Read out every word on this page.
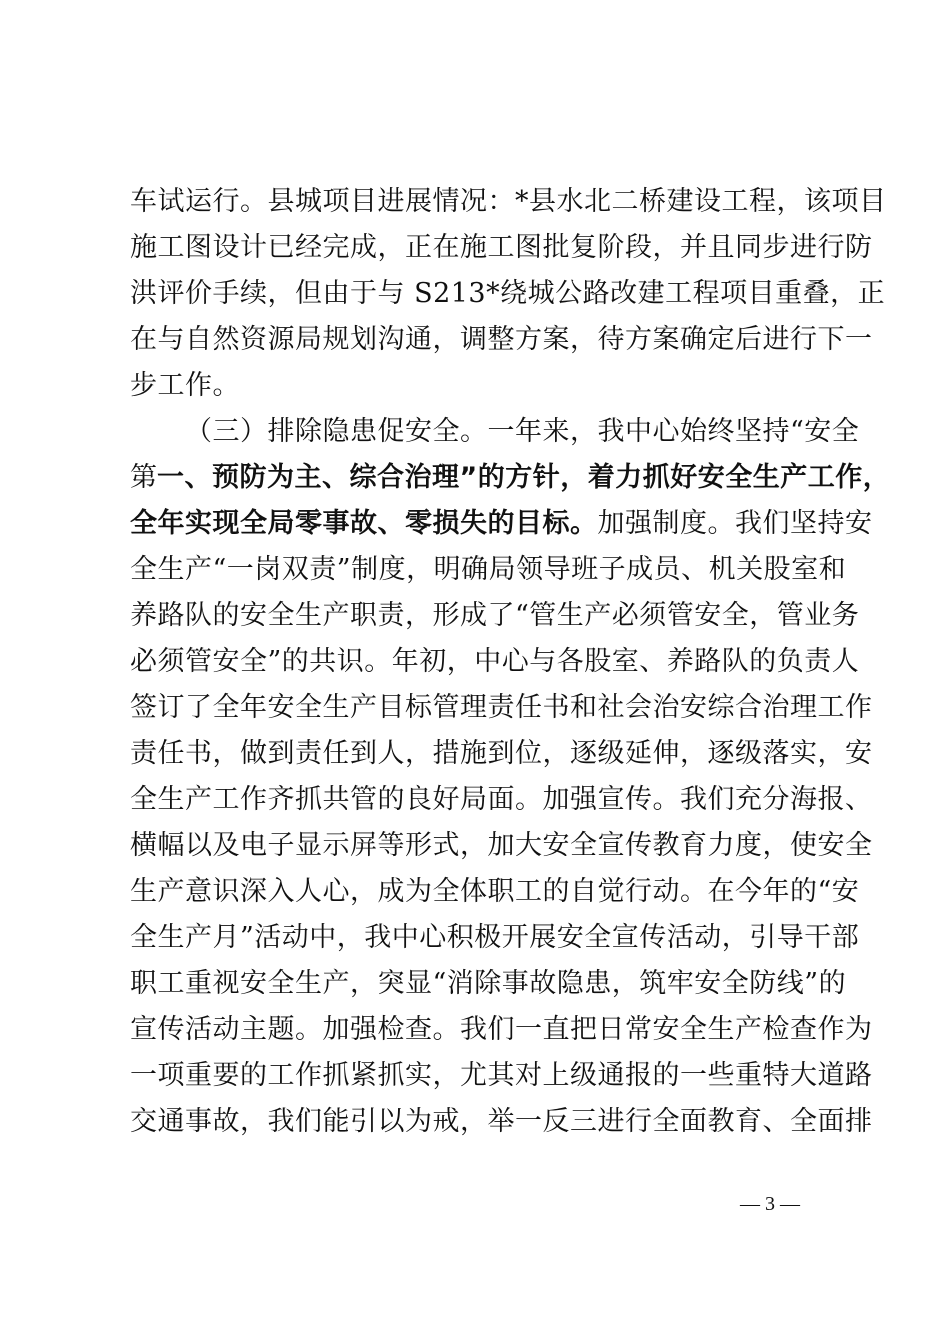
车试运行。县城项目进展情况：*县水北二桥建设工程，该项目
施工图设计已经完成，正在施工图批复阶段，并且同步进行防
洪评价手续，但由于与 S213*绕城公路改建工程项目重叠，正
在与自然资源局规划沟通，调整方案，待方案确定后进行下一
步工作。
（三）排除隐患促安全。一年来，我中心始终坚持“安全
第 一、预防为主、综合治理”的方针，着力抓好安全生产工作，
全年实现全局零事故、零损失的目标。加强制度。我们坚持安
全生产“一岗双责”制度，明确局领导班子成员、机关股室和
养路队的安全生产职责，形成了“管生产必须管安全，管业务
必须管安全”的共识。年初，中心与各股室、养路队的负责人
签订了全年安全生产目标管理责任书和社会治安综合治理工作
责任书，做到责任到人，措施到位，逐级延伸，逐级落实，安
全生产工作齐抓共管的良好局面。加强宣传。我们充分海报、
横幅以及电子显示屏等形式，加大安全宣传教育力度，使安全
生产意识深入人心，成为全体职工的自觉行动。在今年的“安
全生产月”活动中，我中心积极开展安全宣传活动，引导干部
职工重视安全生产，突显“消除事故隐患，筑牢安全防线”的
宣传活动主题。加强检查。我们一直把日常安全生产检查作为
一项重要的工作抓紧抓实，尤其对上级通报的一些重特大道路
交通事故，我们能引以为戒，举一反三进行全面教育、全面排
— 3 —
